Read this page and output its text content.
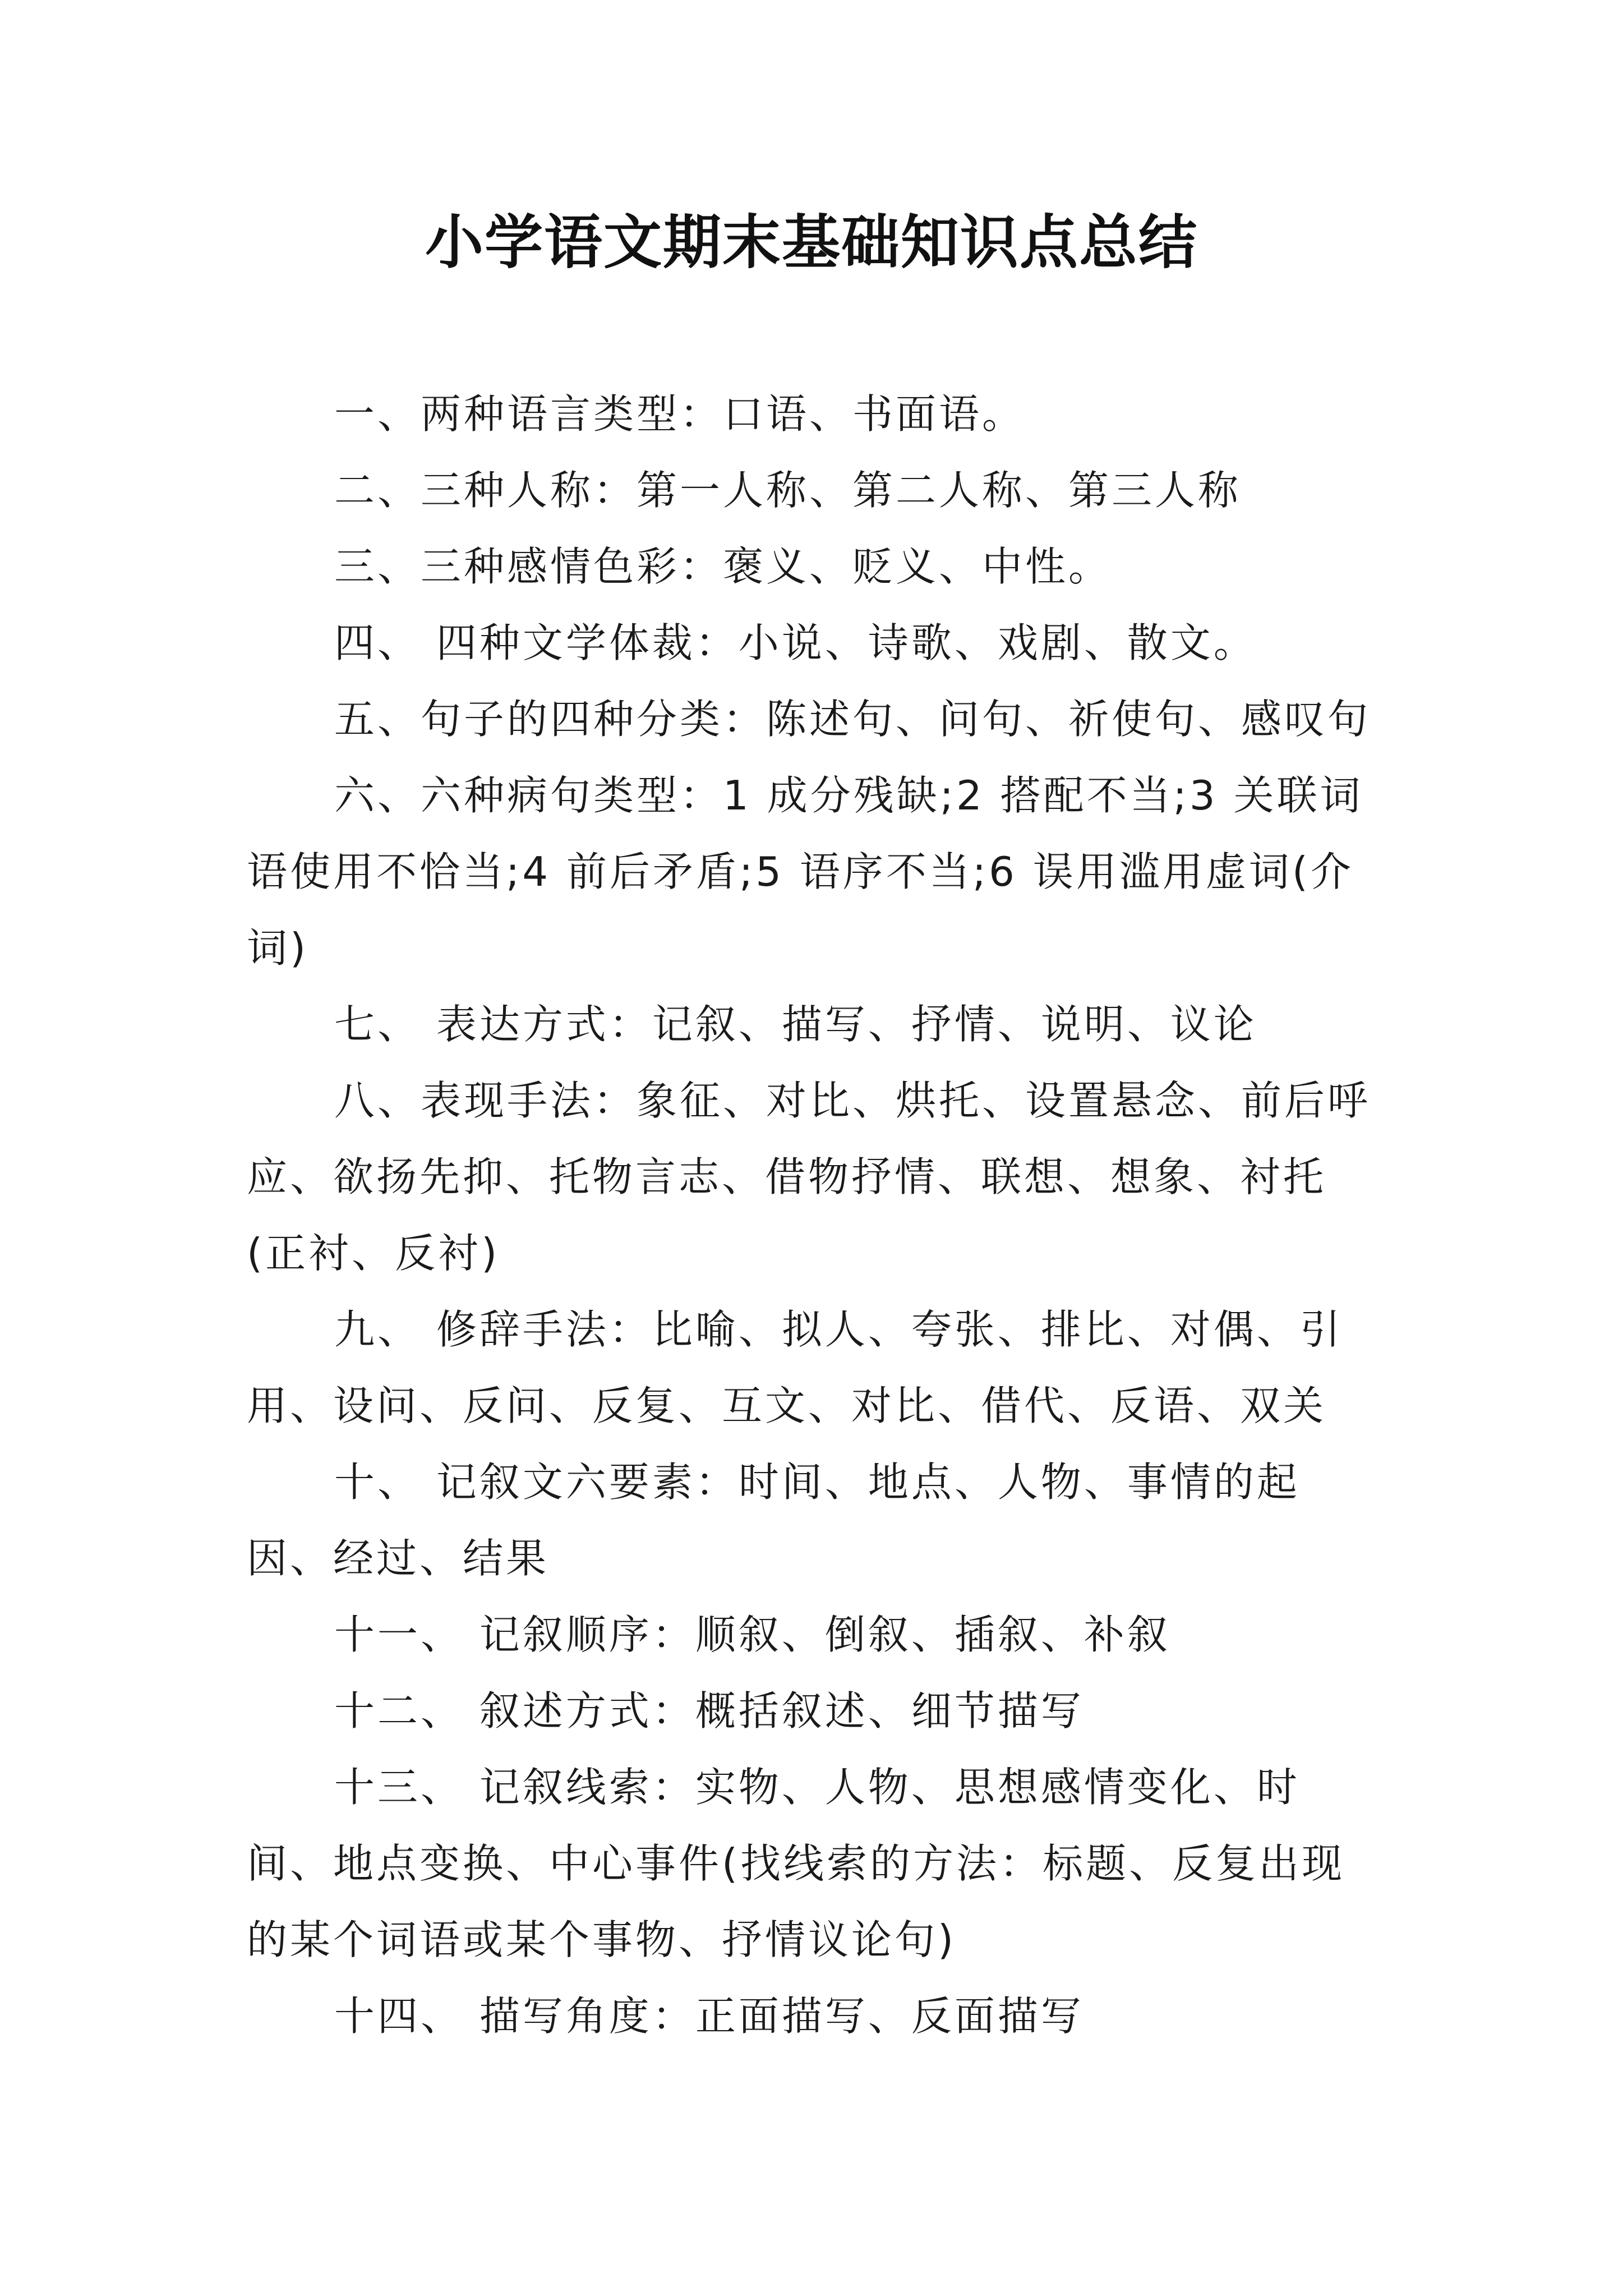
小学语文期末基础知识点总结

一、两种语言类型：口语、书面语。

二、三种人称：第一人称、第二人称、第三人称

三、三种感情色彩：褒义、贬义、中性。

四、 四种文学体裁：小说、诗歌、戏剧、散文。

五、句子的四种分类：陈述句、问句、祈使句、感叹句

六、六种病句类型：1 成分残缺;2 搭配不当;3 关联词语使用不恰当;4 前后矛盾;5 语序不当;6 误用滥用虚词(介词)

七、 表达方式：记叙、描写、抒情、说明、议论

八、表现手法：象征、对比、烘托、设置悬念、前后呼应、欲扬先抑、托物言志、借物抒情、联想、想象、衬托(正衬、反衬)

九、 修辞手法：比喻、拟人、夸张、排比、对偶、引用、设问、反问、反复、互文、对比、借代、反语、双关

十、 记叙文六要素：时间、地点、人物、事情的起因、经过、结果

十一、 记叙顺序：顺叙、倒叙、插叙、补叙

十二、 叙述方式：概括叙述、细节描写

十三、 记叙线索：实物、人物、思想感情变化、时间、地点变换、中心事件(找线索的方法：标题、反复出现的某个词语或某个事物、抒情议论句)

十四、 描写角度：正面描写、反面描写
